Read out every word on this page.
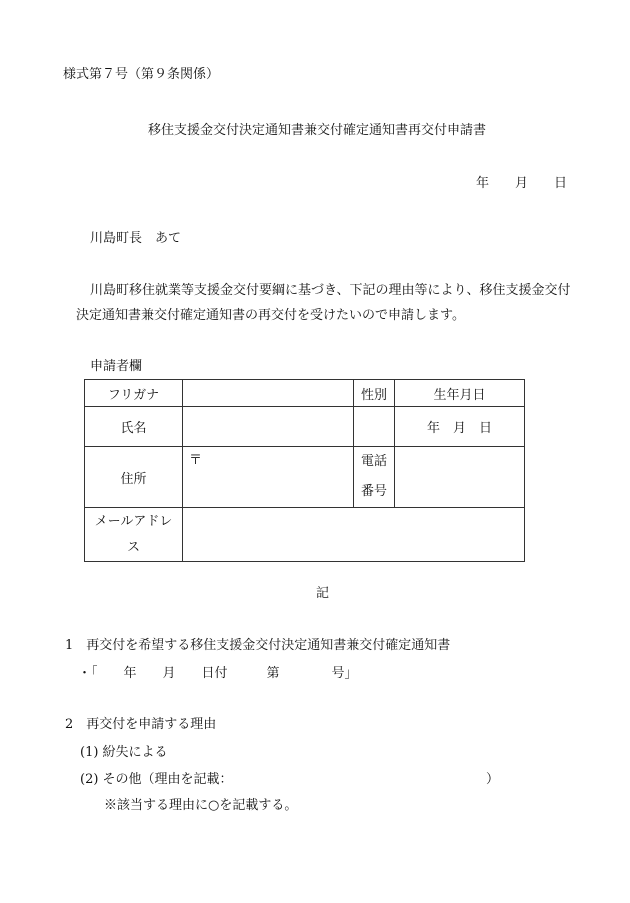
様式第７号（第９条関係）
移住支援金交付決定通知書兼交付確定通知書再交付申請書
年　　月　　日
川島町長　あて
川島町移住就業等支援金交付要綱に基づき、下記の理由等により、移住支援金交付
決定通知書兼交付確定通知書の再交付を受けたいので申請します。
申請者欄
フリガナ		性別	生年月日
氏名			年　月　日
住所	〒	電話
番号	

メールアドレ
ス			

記
1　再交付を希望する移住支援金交付決定通知書兼交付確定通知書
・「　　年　　月　　日付　　　第　　　　号」
2　再交付を申請する理由
(1) 紛失による
(2) その他（理由を記載：　　　　　　　　　　　　　　　　　　　　）
※該当する理由に○を記載する。
